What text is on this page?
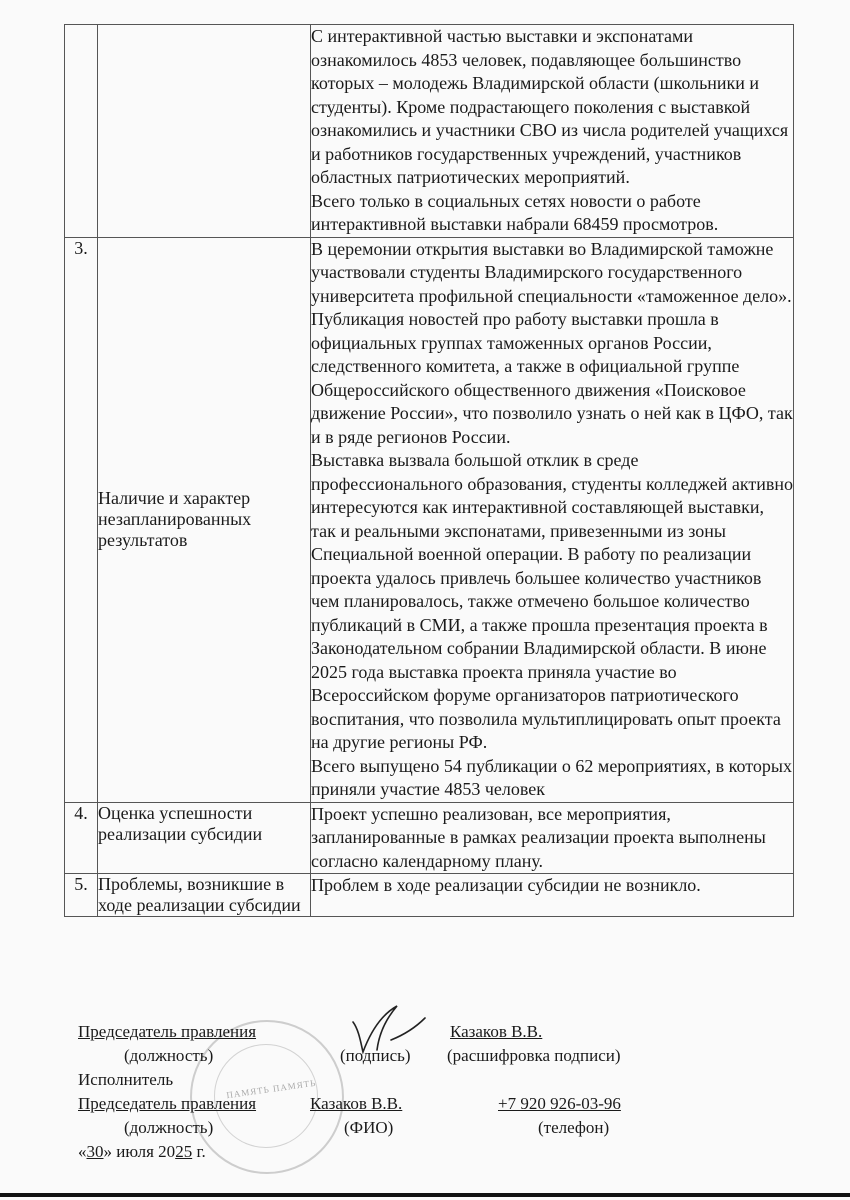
		С интерактивной частью выставки и экспонатами ознакомилось 4853 человек, подавляющее большинство которых – молодежь Владимирской области (школьники и студенты). Кроме подрастающего поколения с выставкой ознакомились и участники СВО из числа родителей учащихся и работников государственных учреждений, участников областных патриотических мероприятий.
Всего только в социальных сетях новости о работе интерактивной выставки набрали 68459 просмотров.

3.	Наличие и характер незапланированных результатов	В церемонии открытия выставки во Владимирской таможне участвовали студенты Владимирского государственного университета профильной специальности «таможенное дело».
Публикация новостей про работу выставки прошла в официальных группах таможенных органов России, следственного комитета, а также в официальной группе Общероссийского общественного движения «Поисковое движение России», что позволило узнать о ней как в ЦФО, так и в ряде регионов России.
Выставка вызвала большой отклик в среде профессионального образования, студенты колледжей активно интересуются как интерактивной составляющей выставки, так и реальными экспонатами, привезенными из зоны Специальной военной операции. В работу по реализации проекта удалось привлечь большее количество участников чем планировалось, также отмечено большое количество публикаций в СМИ, а также прошла презентация проекта в Законодательном собрании Владимирской области. В июне 2025 года выставка проекта приняла участие во Всероссийском форуме организаторов патриотического воспитания, что позволила мультиплицировать опыт проекта на другие регионы РФ.
Всего выпущено 54 публикации о 62 мероприятиях, в которых приняли участие 4853 человек

4.	Оценка успешности реализации субсидии	Проект успешно реализован, все мероприятия, запланированные в рамках реализации проекта выполнены согласно календарному плану.

5.	Проблемы, возникшие в ходе реализации субсидии	Проблем в ходе реализации субсидии не возникло.
ПАМЯТЬ ПАМЯТЬ
Председатель правления	Казаков В.В.
(должность)	(подпись) (расшифровка подписи)
Исполнитель
Председатель правления	Казаков В.В.	+7 920 926-03-96
(должность)	(ФИО)	(телефон)
«30» июля 2025 г.
